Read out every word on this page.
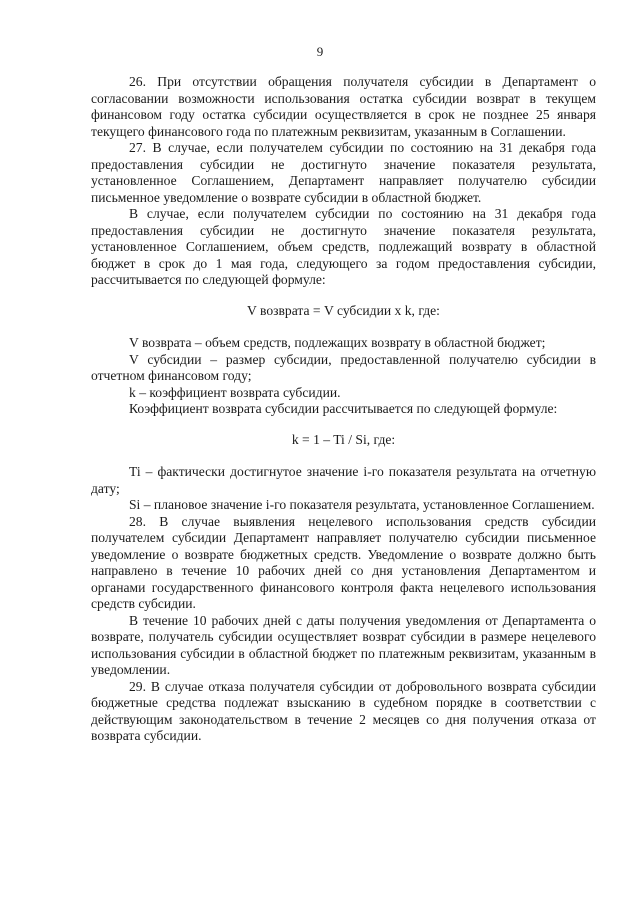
9

26. При отсутствии обращения получателя субсидии в Департамент о согласовании возможности использования остатка субсидии возврат в текущем финансовом году остатка субсидии осуществляется в срок не позднее 25 января текущего финансового года по платежным реквизитам, указанным в Соглашении.

27. В случае, если получателем субсидии по состоянию на 31 декабря года предоставления субсидии не достигнуто значение показателя результата, установленное Соглашением, Департамент направляет получателю субсидии письменное уведомление о возврате субсидии в областной бюджет.

В случае, если получателем субсидии по состоянию на 31 декабря года предоставления субсидии не достигнуто значение показателя результата, установленное Соглашением, объем средств, подлежащий возврату в областной бюджет в срок до 1 мая года, следующего за годом предоставления субсидии, рассчитывается по следующей формуле:

V возврата = V субсидии x k, где:

V возврата – объем средств, подлежащих возврату в областной бюджет;

V субсидии – размер субсидии, предоставленной получателю субсидии в отчетном финансовом году;

k – коэффициент возврата субсидии.

Коэффициент возврата субсидии рассчитывается по следующей формуле:

k = 1 – Ti / Si, где:

Ti – фактически достигнутое значение i-го показателя результата на отчетную дату;

Si – плановое значение i-го показателя результата, установленное Соглашением.

28. В случае выявления нецелевого использования средств субсидии получателем субсидии Департамент направляет получателю субсидии письменное уведомление о возврате бюджетных средств. Уведомление о возврате должно быть направлено в течение 10 рабочих дней со дня установления Департаментом и органами государственного финансового контроля факта нецелевого использования средств субсидии.

В течение 10 рабочих дней с даты получения уведомления от Департамента о возврате, получатель субсидии осуществляет возврат субсидии в размере нецелевого использования субсидии в областной бюджет по платежным реквизитам, указанным в уведомлении.

29. В случае отказа получателя субсидии от добровольного возврата субсидии бюджетные средства подлежат взысканию в судебном порядке в соответствии с действующим законодательством в течение 2 месяцев со дня получения отказа от возврата субсидии.
